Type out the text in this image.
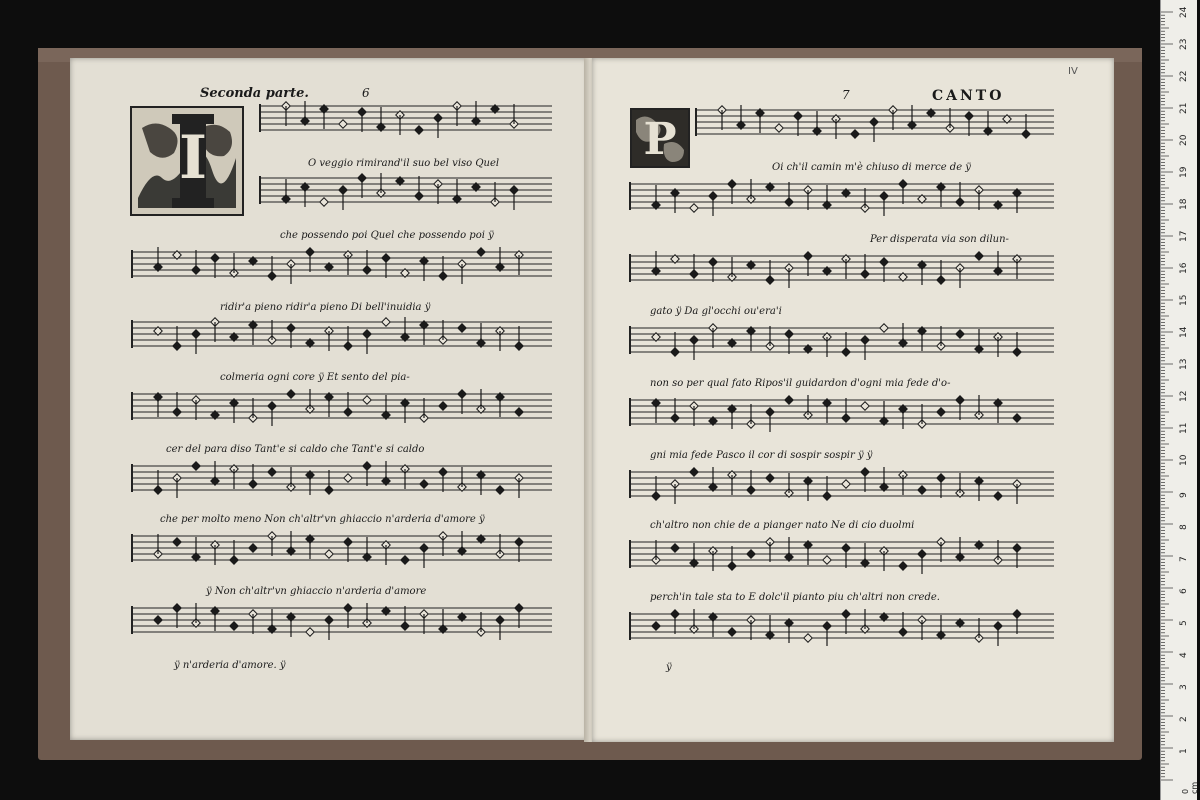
Seconda parte.	6
I	O veggio rimirand'il suo bel viso Quel
che possendo poi Quel che possendo poi ÿ
ridir'a pieno ridir'a pieno Di bell'inuidia ÿ
colmeria ogni core ÿ Et sento del pia-
cer del para diso Tant'e si caldo che Tant'e si caldo
che per molto meno Non ch'altr'vn ghiaccio n'arderia d'amore ÿ
ÿ Non ch'altr'vn ghiaccio n'arderia d'amore
ÿ n'arderia d'amore. ÿ
7	CANTO
IV
P
Oi ch'il camin m'è chiuso di merce de ÿ
Per disperata via son dilun-
gato ÿ Da gl'occhi ou'era'i
non so per qual fato Ripos'il guidardon d'ogni mia fede d'o-
gni mia fede Pasco il cor di sospir sospir ÿ ÿ
ch'altro non chie de a pianger nato Ne di cio duolmi
perch'in tale sta to E dolc'il pianto piu ch'altri non crede.
ÿ
0 cm
1
2
3
4
5
6
7
8
9
10
11
12
13
14
15
16
17
18
19
20
21
22
23
24
